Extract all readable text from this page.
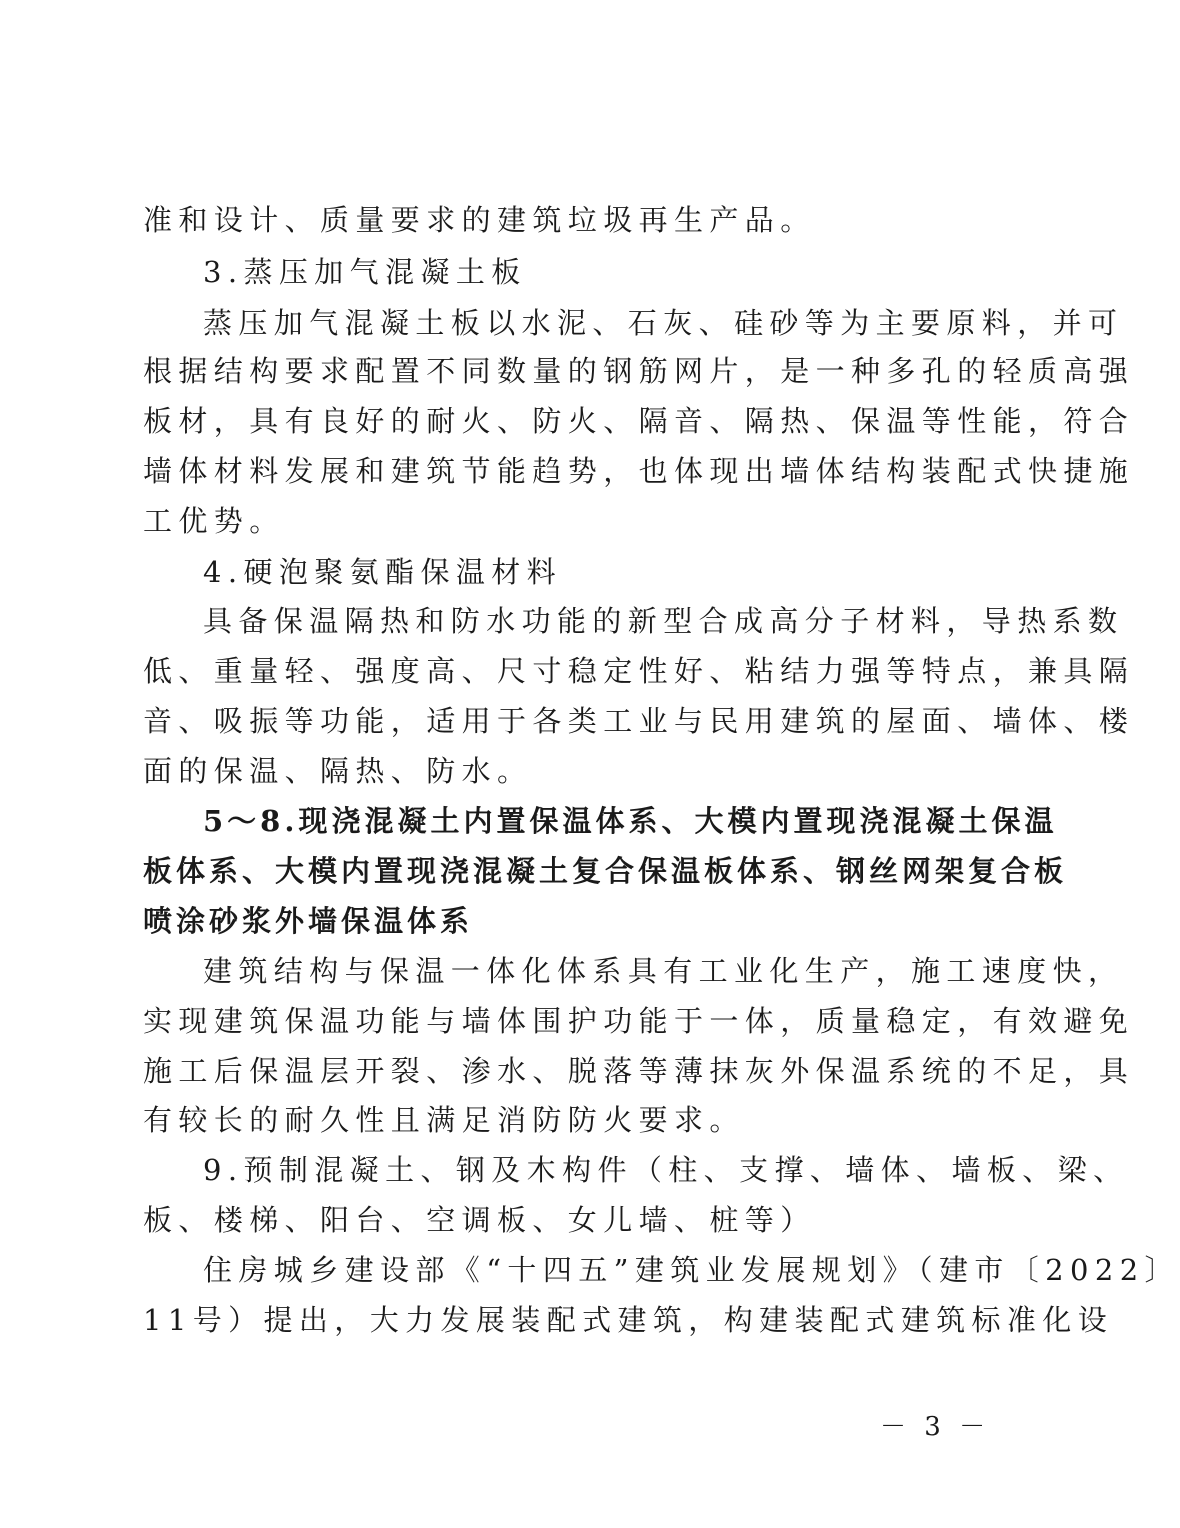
准和设计、质量要求的建筑垃圾再生产品。
3.蒸压加气混凝土板
蒸压加气混凝土板以水泥、石灰、硅砂等为主要原料，并可
根据结构要求配置不同数量的钢筋网片，是一种多孔的轻质高强
板材，具有良好的耐火、防火、隔音、隔热、保温等性能，符合
墙体材料发展和建筑节能趋势，也体现出墙体结构装配式快捷施
工优势。
4.硬泡聚氨酯保温材料
具备保温隔热和防水功能的新型合成高分子材料，导热系数
低、重量轻、强度高、尺寸稳定性好、粘结力强等特点，兼具隔
音、吸振等功能，适用于各类工业与民用建筑的屋面、墙体、楼
面的保温、隔热、防水。
5～8.现浇混凝土内置保温体系、大模内置现浇混凝土保温
板体系、大模内置现浇混凝土复合保温板体系、钢丝网架复合板
喷涂砂浆外墙保温体系
建筑结构与保温一体化体系具有工业化生产，施工速度快，
实现建筑保温功能与墙体围护功能于一体，质量稳定，有效避免
施工后保温层开裂、渗水、脱落等薄抹灰外保温系统的不足，具
有较长的耐久性且满足消防防火要求。
9.预制混凝土、钢及木构件（柱、支撑、墙体、墙板、梁、
板、楼梯、阳台、空调板、女儿墙、桩等）
住房城乡建设部《“十四五”建筑业发展规划》（建市〔2022〕
11号）提出，大力发展装配式建筑，构建装配式建筑标准化设
－ 3 －
